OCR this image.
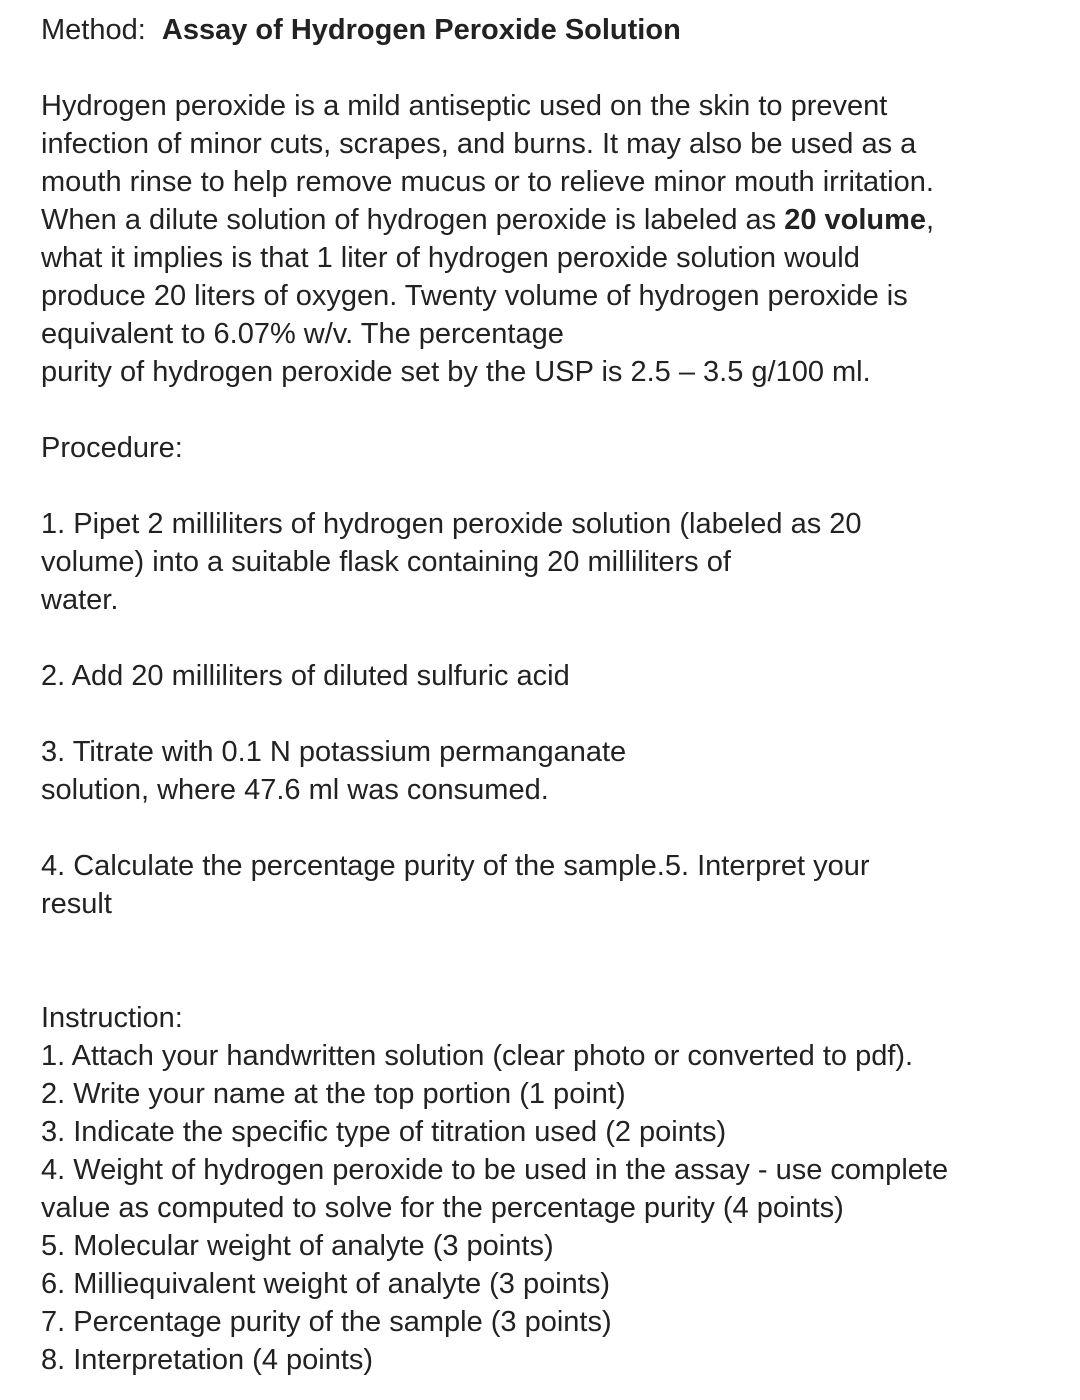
Method: Assay of Hydrogen Peroxide Solution
Hydrogen peroxide is a mild antiseptic used on the skin to prevent
infection of minor cuts, scrapes, and burns. It may also be used as a
mouth rinse to help remove mucus or to relieve minor mouth irritation.
When a dilute solution of hydrogen peroxide is labeled as 20 volume,
what it implies is that 1 liter of hydrogen peroxide solution would
produce 20 liters of oxygen. Twenty volume of hydrogen peroxide is
equivalent to 6.07% w/v. The percentage
purity of hydrogen peroxide set by the USP is 2.5 – 3.5 g/100 ml.
Procedure:
1. Pipet 2 milliliters of hydrogen peroxide solution (labeled as 20
volume) into a suitable flask containing 20 milliliters of
water.
2. Add 20 milliliters of diluted sulfuric acid
3. Titrate with 0.1 N potassium permanganate
solution, where 47.6 ml was consumed.
4. Calculate the percentage purity of the sample.5. Interpret your
result
Instruction:
1. Attach your handwritten solution (clear photo or converted to pdf).
2. Write your name at the top portion (1 point)
3. Indicate the specific type of titration used (2 points)
4. Weight of hydrogen peroxide to be used in the assay - use complete
value as computed to solve for the percentage purity (4 points)
5. Molecular weight of analyte (3 points)
6. Milliequivalent weight of analyte (3 points)
7. Percentage purity of the sample (3 points)
8. Interpretation (4 points)
